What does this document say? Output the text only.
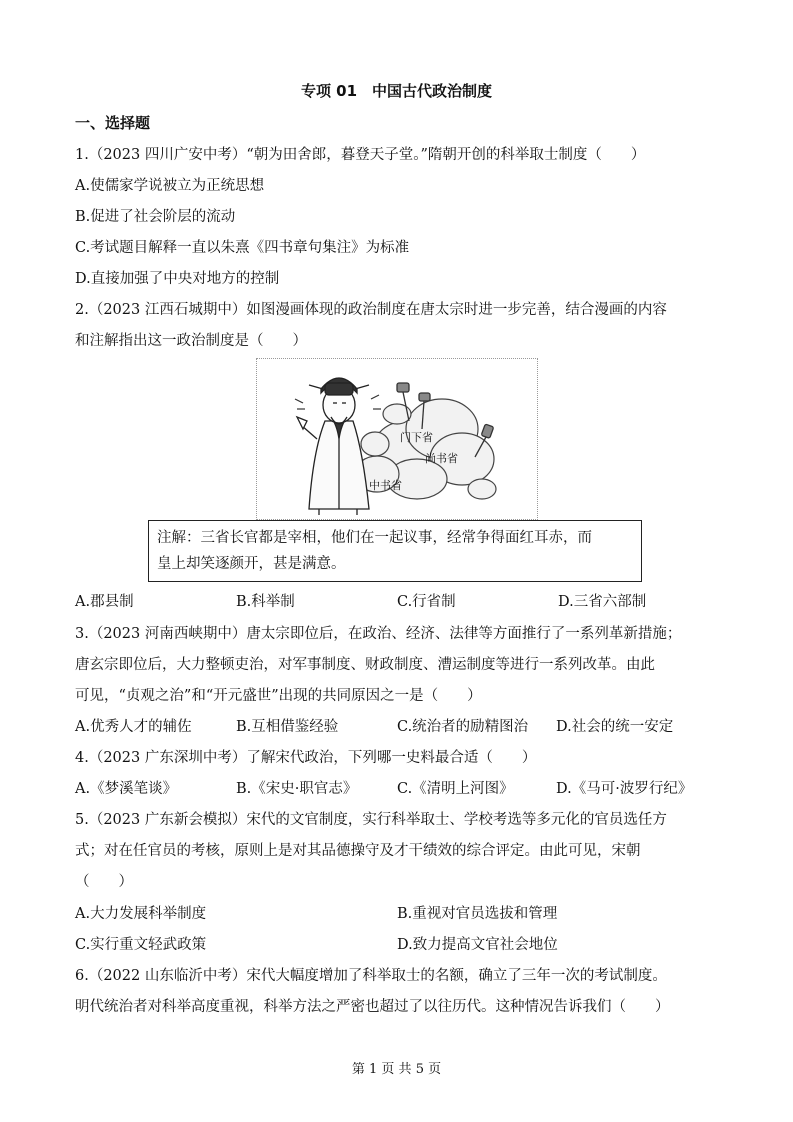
专项 01　中国古代政治制度
一、选择题
1.（2023 四川广安中考）“朝为田舍郎，暮登天子堂。”隋朝开创的科举取士制度（　　）
A.使儒家学说被立为正统思想
B.促进了社会阶层的流动
C.考试题目解释一直以朱熹《四书章句集注》为标准
D.直接加强了中央对地方的控制
2.（2023 江西石城期中）如图漫画体现的政治制度在唐太宗时进一步完善，结合漫画的内容
和注解指出这一政治制度是（　　）
门下省
尚书省
中书省
注解：三省长官都是宰相，他们在一起议事，经常争得面红耳赤，而
皇上却笑逐颜开，甚是满意。
A.郡县制	B.科举制	C.行省制	D.三省六部制
3.（2023 河南西峡期中）唐太宗即位后，在政治、经济、法律等方面推行了一系列革新措施；
唐玄宗即位后，大力整顿吏治，对军事制度、财政制度、漕运制度等进行一系列改革。由此
可见，“贞观之治”和“开元盛世”出现的共同原因之一是（　　）
A.优秀人才的辅佐	B.互相借鉴经验	C.统治者的励精图治 D.社会的统一安定
4.（2023 广东深圳中考）了解宋代政治，下列哪一史料最合适（　　）
A.《梦溪笔谈》	B.《宋史·职官志》	C.《清明上河图》	D.《马可·波罗行纪》
5.（2023 广东新会模拟）宋代的文官制度，实行科举取士、学校考选等多元化的官员选任方
式；对在任官员的考核，原则上是对其品德操守及才干绩效的综合评定。由此可见，宋朝
（　　）
A.大力发展科举制度	B.重视对官员选拔和管理
C.实行重文轻武政策	D.致力提高文官社会地位
6.（2022 山东临沂中考）宋代大幅度增加了科举取士的名额，确立了三年一次的考试制度。
明代统治者对科举高度重视，科举方法之严密也超过了以往历代。这种情况告诉我们（　　）
第 1 页 共 5 页
